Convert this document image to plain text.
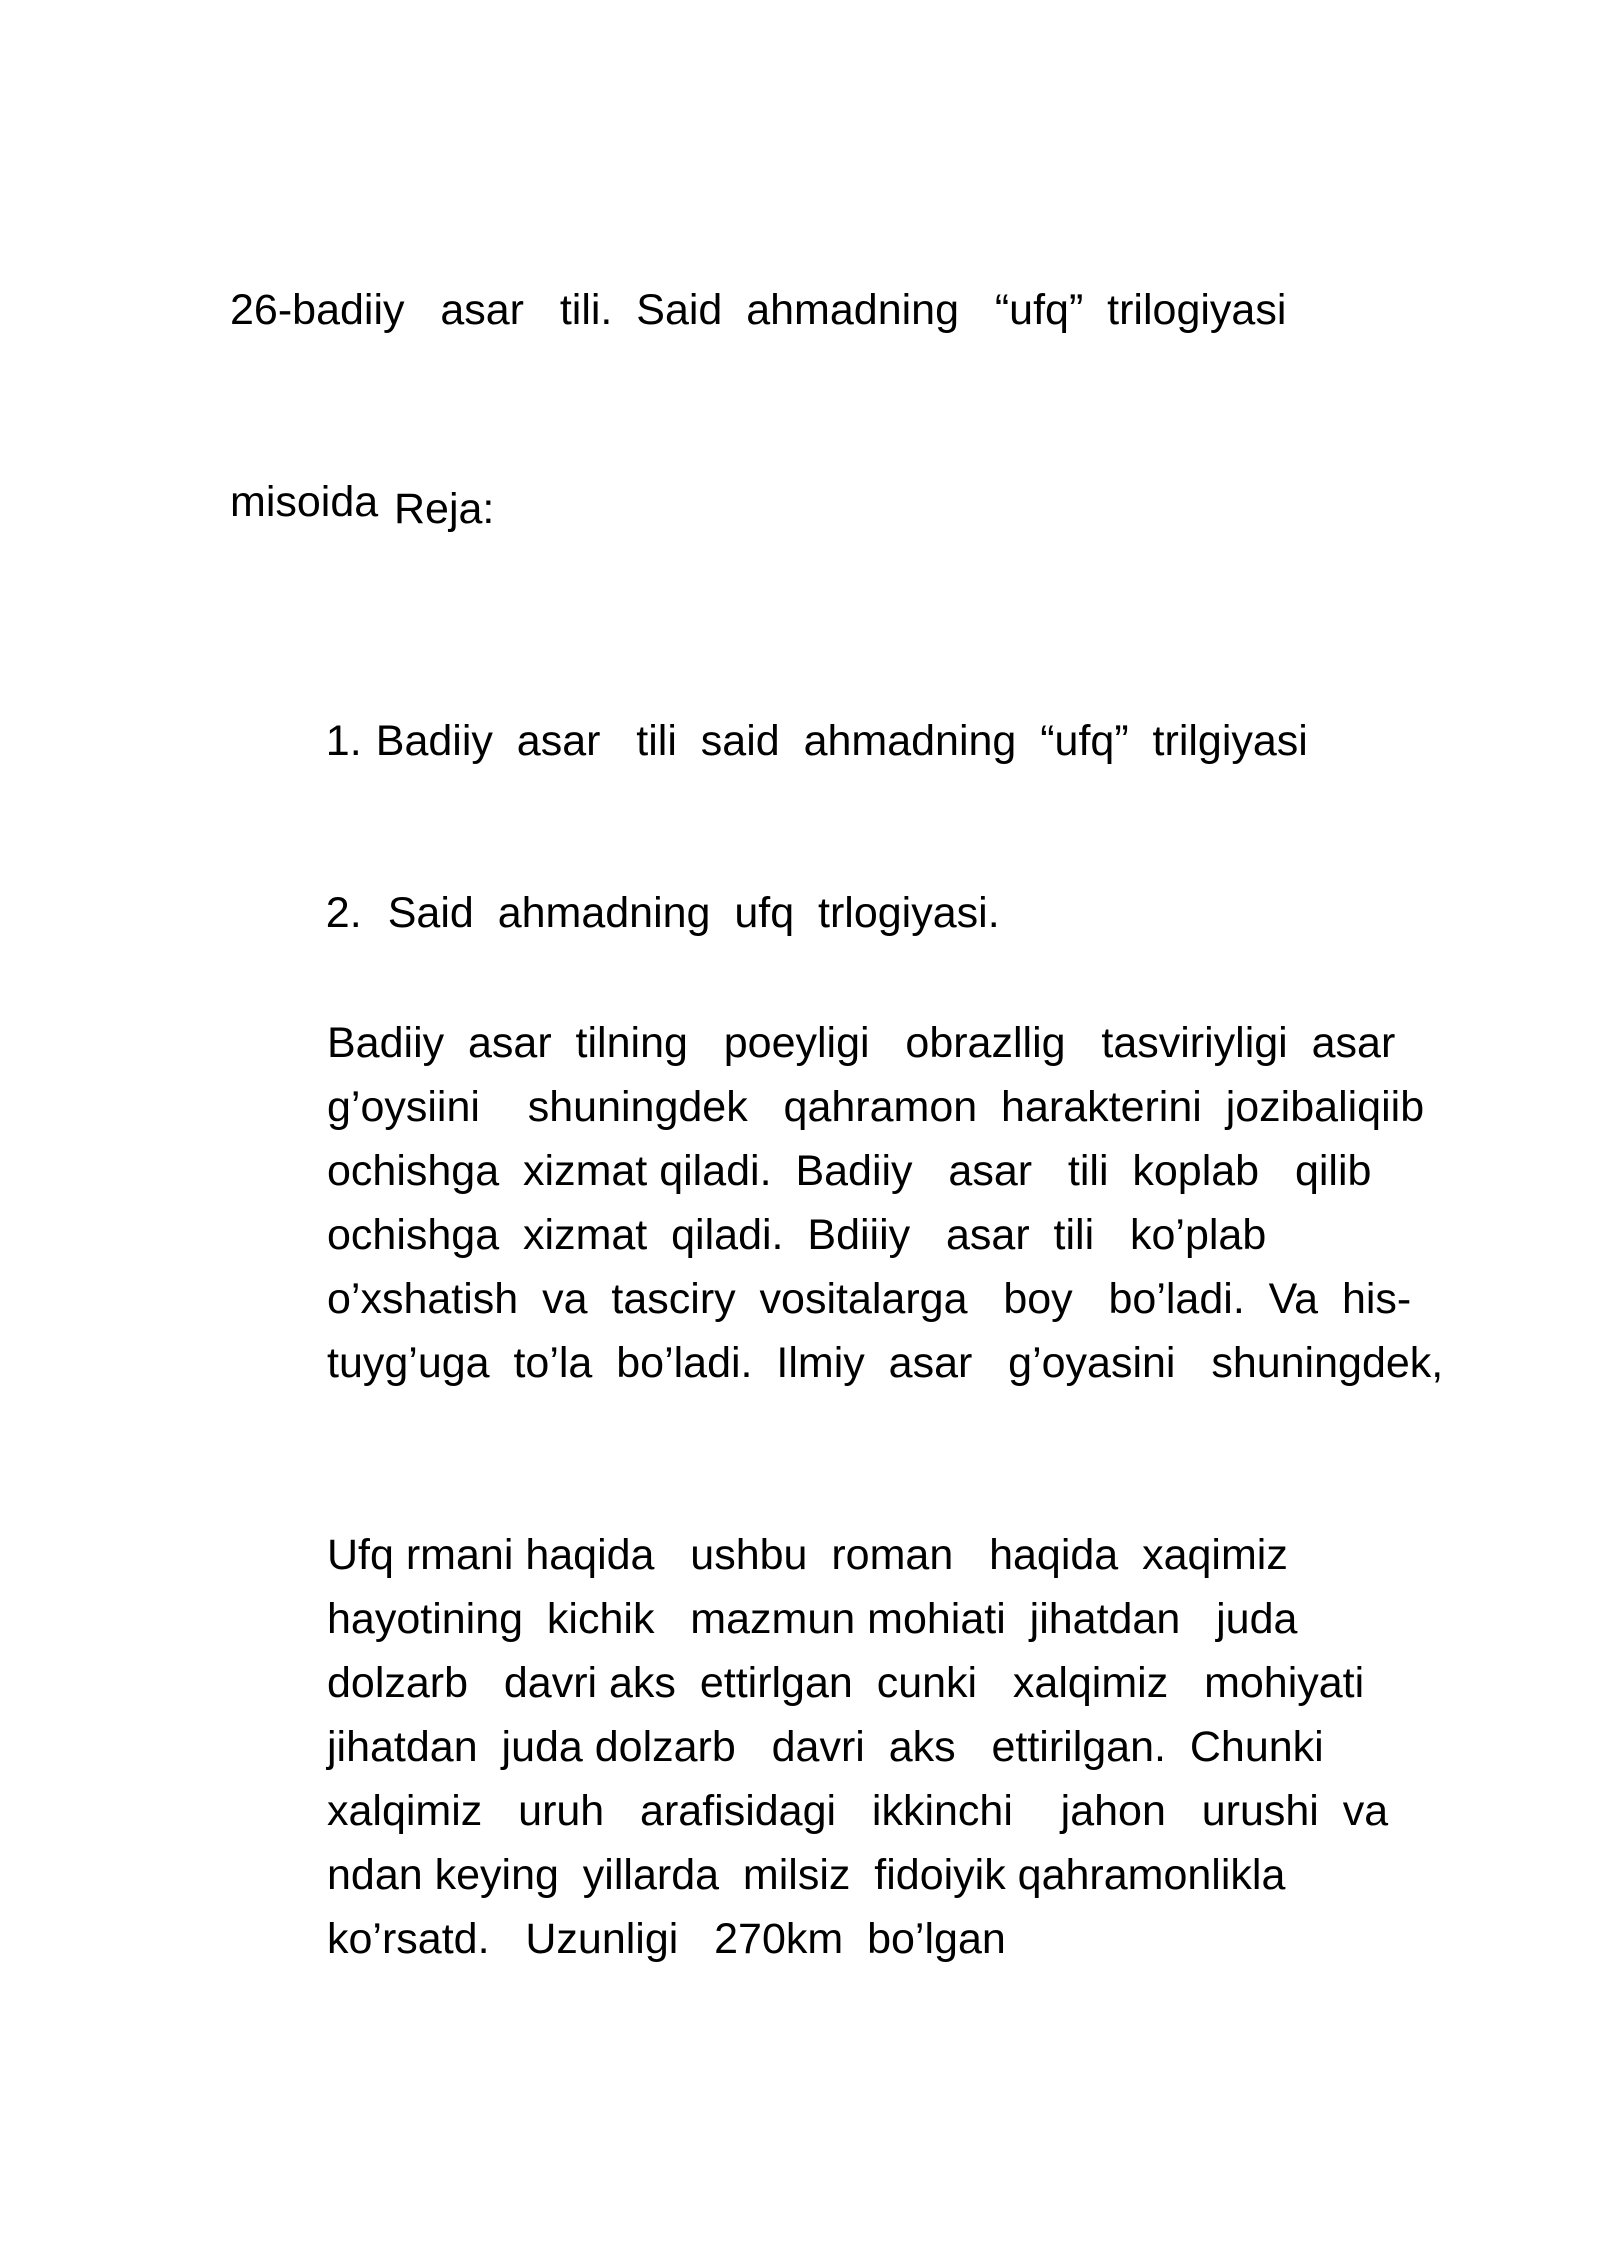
26-badiiy   asar   tili.  Said  ahmadning   “ufq”  trilogiyasi

misoida

Reja:

1. Badiiy  asar   tili  said  ahmadning  “ufq”  trilgiyasi

2. Said  ahmadning  ufq  trlogiyasi.

Badiiy  asar  tilning   poeyligi   obrazllig   tasviriyligi  asar
g’oysiini    shuningdek   qahramon  harakterini  jozibaliqiib
ochishga  xizmat qiladi.  Badiiy   asar   tili  koplab   qilib
ochishga  xizmat  qiladi.  Bdiiiy   asar  tili   ko’plab
o’xshatish  va  tasciry  vositalarga   boy   bo’ladi.  Va  his-
tuyg’uga  to’la  bo’ladi.  Ilmiy  asar   g’oyasini   shuningdek,
Ufq rmani haqida   ushbu  roman   haqida  xaqimiz
hayotining  kichik   mazmun mohiati  jihatdan   juda
dolzarb   davri aks  ettirlgan  cunki   xalqimiz   mohiyati
jihatdan  juda dolzarb   davri  aks   ettirilgan.  Chunki
xalqimiz   uruh   arafisidagi   ikkinchi    jahon   urushi  va
ndan keying  yillarda  milsiz  fidoiyik qahramonlikla
ko’rsatd.   Uzunligi   270km  bo’lgan
